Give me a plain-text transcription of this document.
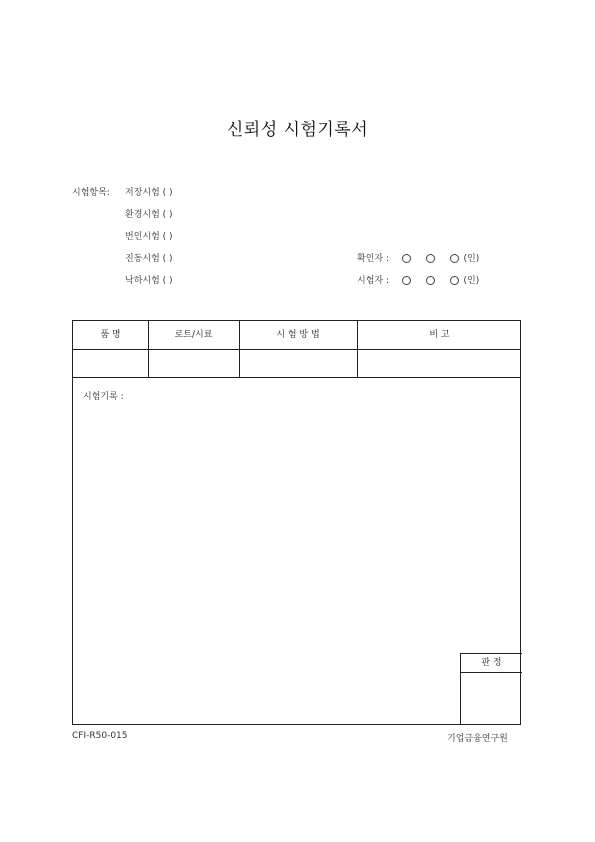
신뢰성 시험기록서
시험항목: 저장시험 ( )
환경시험 ( )
번인시험 ( )
진동시험 ( )
낙하시험 ( )
확인자 :	(인)
시험자 :	(인)
품 명	로트/시료	시 험 방 법	비 고
시험기록 :
판 정
CFI-R50-015	기업금융연구원
